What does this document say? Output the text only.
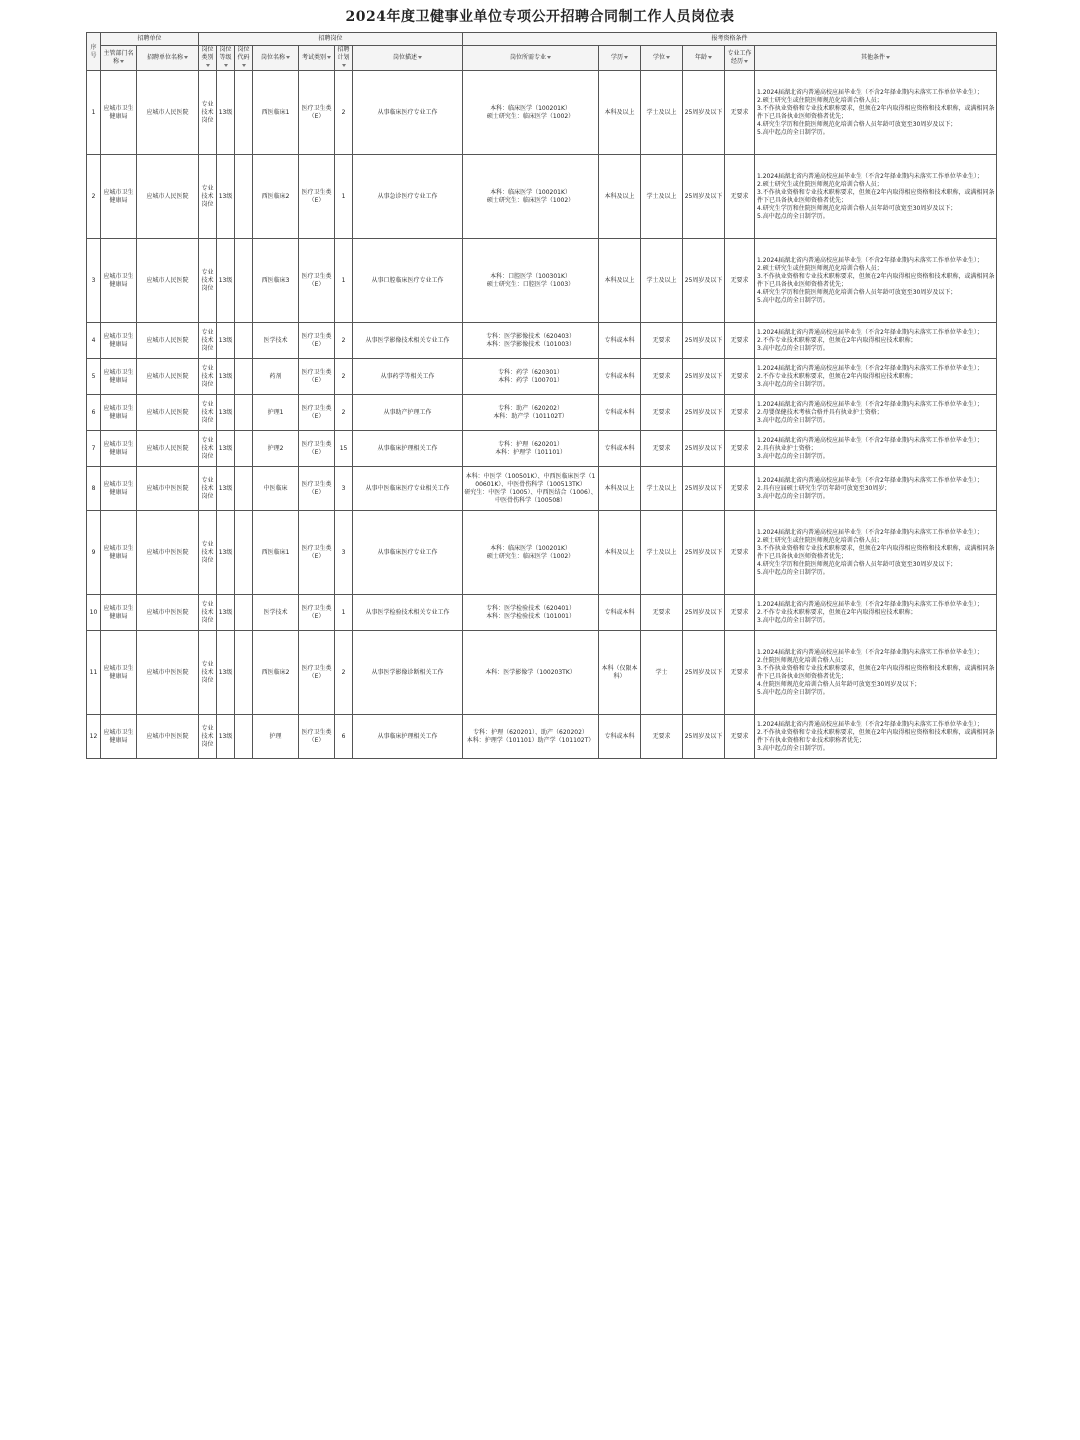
2024年度卫健事业单位专项公开招聘合同制工作人员岗位表
序号	招聘单位		招聘岗位							报考资格条件					
	主管部门名称	招聘单位名称	岗位类别	岗位等级	岗位代码	岗位名称	考试类别	招聘计划	岗位描述	岗位所需专业	学历	学位	年龄	专业工作经历	其他条件
1	应城市卫生健康局	应城市人民医院	专业技术岗位	13级		西医临床1	医疗卫生类（E）	2	从事临床医疗专业工作	本科：临床医学（100201K）
硕士研究生：临床医学（1002）	本科及以上	学士及以上	25周岁及以下	无要求	1.2024届湖北省内普通高校应届毕业生（不含2年择业期内未落实工作单位毕业生）；
2.硕士研究生或住院医师规范化培训合格人员；
3.不作执业资格和专业技术职称要求，但须在2年内取得相应资格和技术职称，或满相同条件下已具备执业医师资格者优先；
4.研究生学历和住院医师规范化培训合格人员年龄可放宽至30周岁及以下；
5.高中起点的全日制学历。
2	应城市卫生健康局	应城市人民医院	专业技术岗位	13级		西医临床2	医疗卫生类（E）	1	从事急诊医疗专业工作	本科：临床医学（100201K）
硕士研究生：临床医学（1002）	本科及以上	学士及以上	25周岁及以下	无要求	1.2024届湖北省内普通高校应届毕业生（不含2年择业期内未落实工作单位毕业生）；
2.硕士研究生或住院医师规范化培训合格人员；
3.不作执业资格和专业技术职称要求，但须在2年内取得相应资格和技术职称，或满相同条件下已具备执业医师资格者优先；
4.研究生学历和住院医师规范化培训合格人员年龄可放宽至30周岁及以下；
5.高中起点的全日制学历。
3	应城市卫生健康局	应城市人民医院	专业技术岗位	13级		西医临床3	医疗卫生类（E）	1	从事口腔临床医疗专业工作	本科：口腔医学（100301K）
硕士研究生：口腔医学（1003）	本科及以上	学士及以上	25周岁及以下	无要求	1.2024届湖北省内普通高校应届毕业生（不含2年择业期内未落实工作单位毕业生）；
2.硕士研究生或住院医师规范化培训合格人员；
3.不作执业资格和专业技术职称要求，但须在2年内取得相应资格和技术职称，或满相同条件下已具备执业医师资格者优先；
4.研究生学历和住院医师规范化培训合格人员年龄可放宽至30周岁及以下；
5.高中起点的全日制学历。
4	应城市卫生健康局	应城市人民医院	专业技术岗位	13级		医学技术	医疗卫生类（E）	2	从事医学影像技术相关专业工作	专科：医学影像技术（620403）
本科：医学影像技术（101003）	专科或本科	无要求	25周岁及以下	无要求	1.2024届湖北省内普通高校应届毕业生（不含2年择业期内未落实工作单位毕业生）；
2.不作专业技术职称要求，但须在2年内取得相应技术职称；
3.高中起点的全日制学历。
5	应城市卫生健康局	应城市人民医院	专业技术岗位	13级		药剂	医疗卫生类（E）	2	从事药学等相关工作	专科：药学（620301）
本科：药学（100701）	专科或本科	无要求	25周岁及以下	无要求	1.2024届湖北省内普通高校应届毕业生（不含2年择业期内未落实工作单位毕业生）；
2.不作专业技术职称要求，但须在2年内取得相应技术职称；
3.高中起点的全日制学历。
6	应城市卫生健康局	应城市人民医院	专业技术岗位	13级		护理1	医疗卫生类（E）	2	从事助产护理工作	专科：助产（620202）
本科：助产学（101102T）	专科或本科	无要求	25周岁及以下	无要求	1.2024届湖北省内普通高校应届毕业生（不含2年择业期内未落实工作单位毕业生）；
2.母婴保健技术考核合格并具有执业护士资格；
3.高中起点的全日制学历。
7	应城市卫生健康局	应城市人民医院	专业技术岗位	13级		护理2	医疗卫生类（E）	15	从事临床护理相关工作	专科：护理（620201）
本科：护理学（101101）	专科或本科	无要求	25周岁及以下	无要求	1.2024届湖北省内普通高校应届毕业生（不含2年择业期内未落实工作单位毕业生）；
2.具有执业护士资格；
3.高中起点的全日制学历。
8	应城市卫生健康局	应城市中医医院	专业技术岗位	13级		中医临床	医疗卫生类（E）	3	从事中医临床医疗专业相关工作	本科：中医学（100501K）、中西医临床医学（100601K）、中医骨伤科学（100513TK）
研究生：中医学（1005）、中西医结合（1006）、中医骨伤科学（100508）	本科及以上	学士及以上	25周岁及以下	无要求	1.2024届湖北省内普通高校应届毕业生（不含2年择业期内未落实工作单位毕业生）；
2.具有应届硕士研究生学历年龄可放宽至30周岁；
3.高中起点的全日制学历。
9	应城市卫生健康局	应城市中医医院	专业技术岗位	13级		西医临床1	医疗卫生类（E）	3	从事临床医疗专业工作	本科：临床医学（100201K）
硕士研究生：临床医学（1002）	本科及以上	学士及以上	25周岁及以下	无要求	1.2024届湖北省内普通高校应届毕业生（不含2年择业期内未落实工作单位毕业生）；
2.硕士研究生或住院医师规范化培训合格人员；
3.不作执业资格和专业技术职称要求，但须在2年内取得相应资格和技术职称，或满相同条件下已具备执业医师资格者优先；
4.研究生学历和住院医师规范化培训合格人员年龄可放宽至30周岁及以下；
5.高中起点的全日制学历。
10	应城市卫生健康局	应城市中医医院	专业技术岗位	13级		医学技术	医疗卫生类（E）	1	从事医学检验技术相关专业工作	专科：医学检验技术（620401）
本科：医学检验技术（101001）	专科或本科	无要求	25周岁及以下	无要求	1.2024届湖北省内普通高校应届毕业生（不含2年择业期内未落实工作单位毕业生）；
2.不作专业技术职称要求，但须在2年内取得相应技术职称；
3.高中起点的全日制学历。
11	应城市卫生健康局	应城市中医医院	专业技术岗位	13级		西医临床2	医疗卫生类（E）	2	从事医学影像诊断相关工作	本科：医学影像学（100203TK）	本科（仅限本科）	学士	25周岁及以下	无要求	1.2024届湖北省内普通高校应届毕业生（不含2年择业期内未落实工作单位毕业生）；
2.住院医师规范化培训合格人员；
3.不作执业资格和专业技术职称要求，但须在2年内取得相应资格和技术职称，或满相同条件下已具备执业医师资格者优先；
4.住院医师规范化培训合格人员年龄可放宽至30周岁及以下；
5.高中起点的全日制学历。
12	应城市卫生健康局	应城市中医医院	专业技术岗位	13级		护理	医疗卫生类（E）	6	从事临床护理相关工作	专科：护理（620201）、助产（620202）
本科：护理学（101101）助产学（101102T）	专科或本科	无要求	25周岁及以下	无要求	1.2024届湖北省内普通高校应届毕业生（不含2年择业期内未落实工作单位毕业生）；
2.不作执业资格和专业技术职称要求，但须在2年内取得相应资格和技术职称，或满相同条件下有执业资格和专业技术职称者优先；
3.高中起点的全日制学历。
